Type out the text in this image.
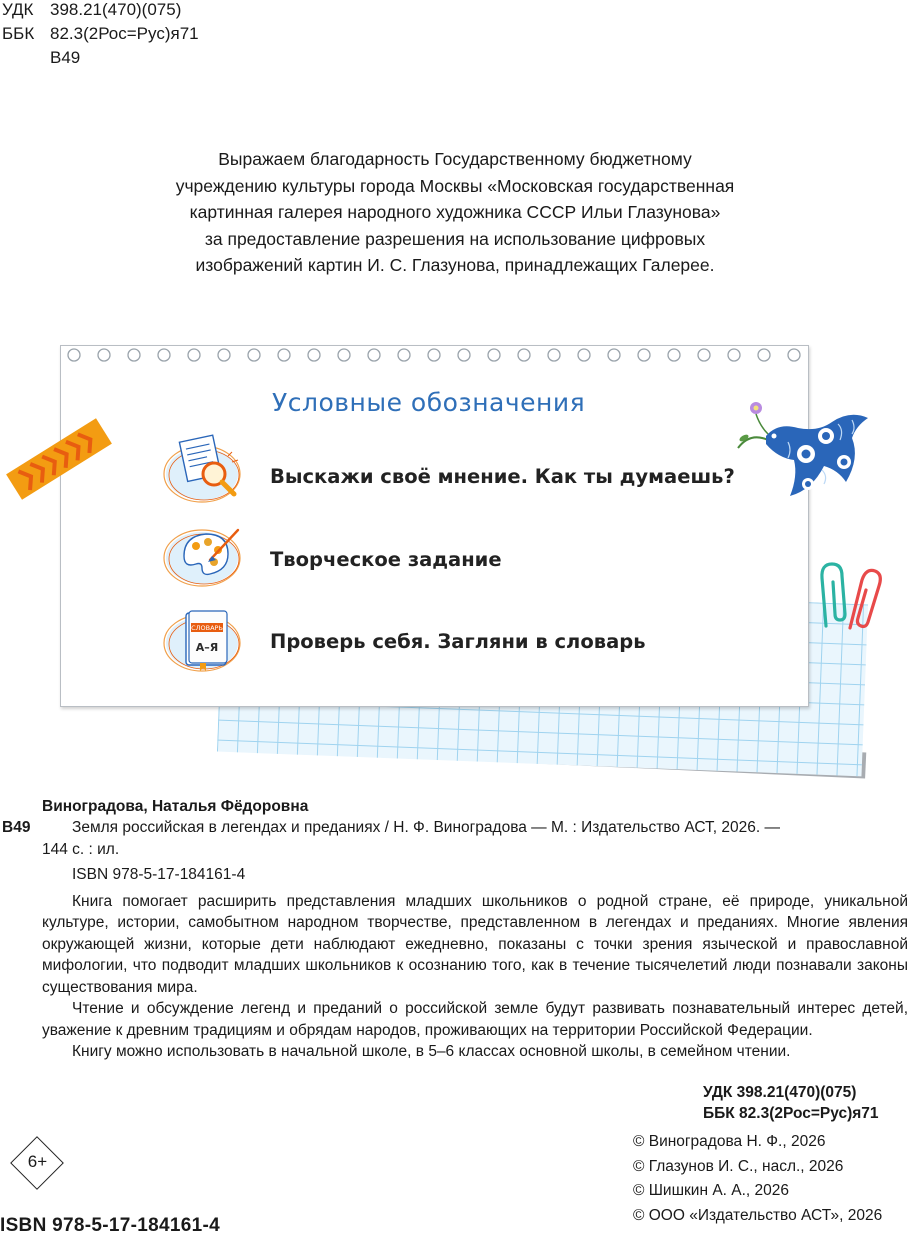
УДК 398.21(470)(075)
ББК 82.3(2Рос=Рус)я71
В49
Выражаем благодарность Государственному бюджетному
учреждению культуры города Москвы «Московская государственная
картинная галерея народного художника СССР Ильи Глазунова»
за предоставление разрешения на использование цифровых
изображений картин И. С. Глазунова, принадлежащих Галерее.
Условные обозначения
Выскажи своё мнение. Как ты думаешь?
Творческое задание
СЛОВАРЬ
А–Я	Проверь себя. Загляни в словарь

Виноградова, Наталья Фёдоровна

В49	Земля российская в легендах и преданиях / Н. Ф. Виноградова — М. : Издательство АСТ, 2026. —

144 с. : ил.

ISBN 978-5-17-184161-4

Книга помогает расширить представления младших школьников о родной стране, её природе, уникальной культуре, истории, самобытном народном творчестве, представленном в легендах и преданиях. Многие явления окружающей жизни, которые дети наблюдают ежедневно, показаны с точки зрения языческой и православной мифологии, что подводит младших школьников к осознанию того, как в течение тысячелетий люди познавали законы существования мира.

Чтение и обсуждение легенд и преданий о российской земле будут развивать познавательный интерес детей, уважение к древним традициям и обрядам народов, проживающих на территории Российской Федерации.

Книгу можно использовать в начальной школе, в 5–6 классах основной школы, в семейном чтении.

УДК 398.21(470)(075)
ББК 82.3(2Рос=Рус)я71
6+
ISBN 978-5-17-184161-4
© Виноградова Н. Ф., 2026
© Глазунов И. С., насл., 2026
© Шишкин А. А., 2026
© ООО «Издательство АСТ», 2026
